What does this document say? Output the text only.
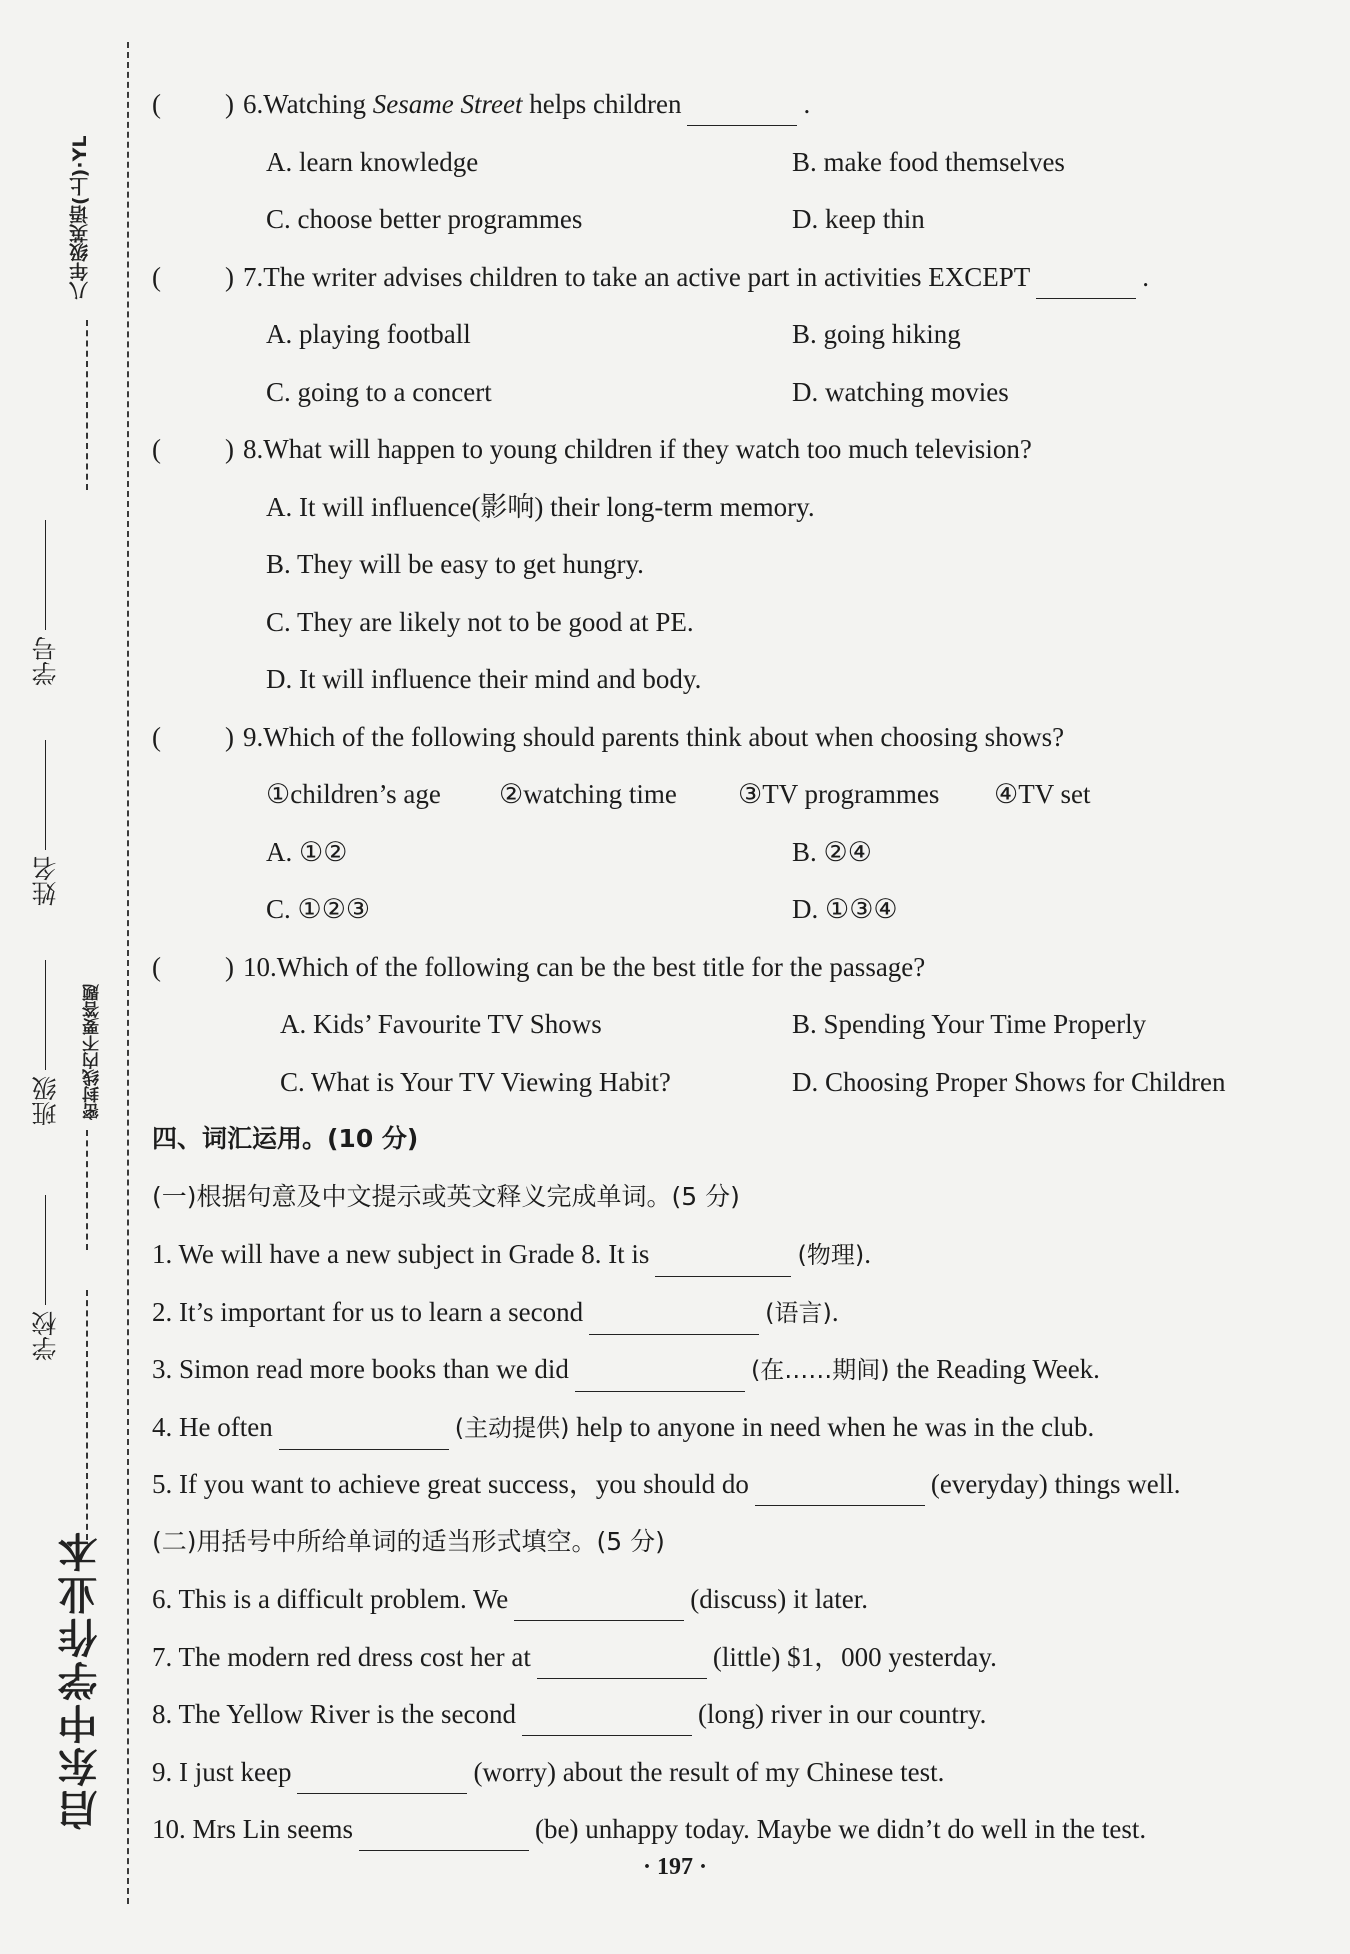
八年级英语(上)·YL
密封线内不要答题
学号
姓名
班级
学校
启东中学作业本
( ) 6.Watching Sesame Street helps children	.
A. learn knowledge	B. make food themselves
C. choose better programmes	D. keep thin
( ) 7.The writer advises children to take an active part in activities EXCEPT	.
A. playing football	B. going hiking
C. going to a concert	D. watching movies
( ) 8.What will happen to young children if they watch too much television?
A. It will influence(影响) their long-term memory.
B. They will be easy to get hungry.
C. They are likely not to be good at PE.
D. It will influence their mind and body.
( ) 9.Which of the following should parents think about when choosing shows?
①children’s age ②watching time ③TV programmes ④TV set
A. ①②	B. ②④
C. ①②③	D. ①③④
( ) 10.Which of the following can be the best title for the passage?
A. Kids’ Favourite TV Shows	B. Spending Your Time Properly
C. What is Your TV Viewing Habit?	D. Choosing Proper Shows for Children
四、词汇运用。(10 分)
(一)根据句意及中文提示或英文释义完成单词。(5 分)
1. We will have a new subject in Grade 8. It is	(物理).
2. It’s important for us to learn a second	(语言).
3. Simon read more books than we did	(在……期间) the Reading Week.
4. He often	(主动提供) help to anyone in need when he was in the club.
5. If you want to achieve great success，you should do	(everyday) things well.
(二)用括号中所给单词的适当形式填空。(5 分)
6. This is a difficult problem. We	(discuss) it later.
7. The modern red dress cost her at	(little) $1，000 yesterday.
8. The Yellow River is the second	(long) river in our country.
9. I just keep	(worry) about the result of my Chinese test.
10. Mrs Lin seems	(be) unhappy today. Maybe we didn’t do well in the test.
· 197 ·
